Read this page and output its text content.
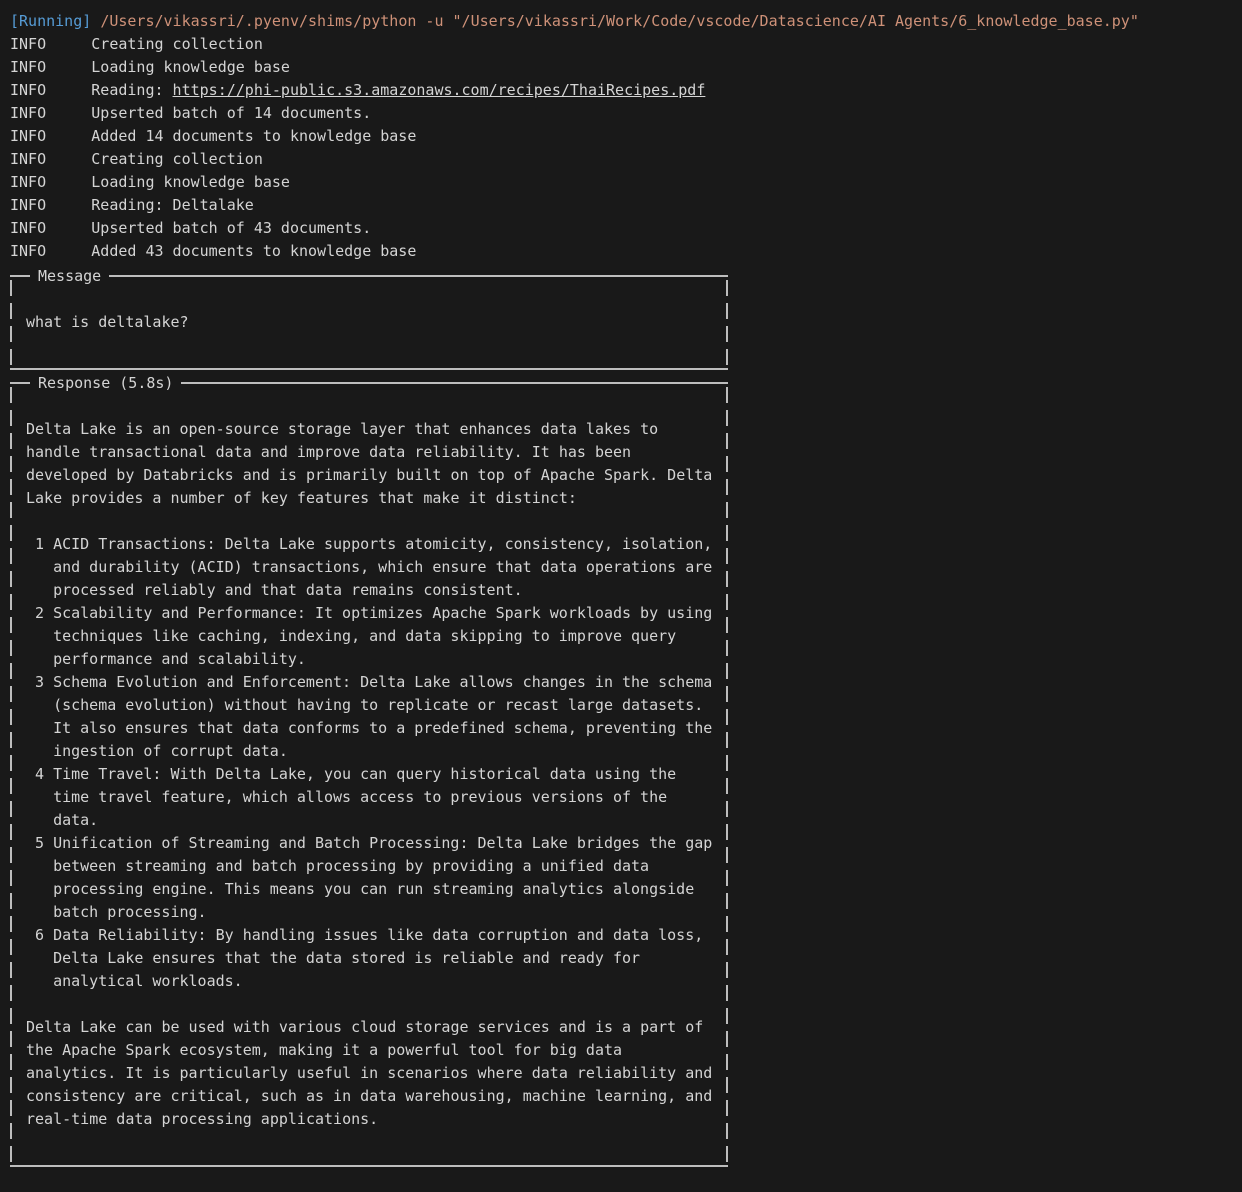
[Running] /Users/vikassri/.pyenv/shims/python -u "/Users/vikassri/Work/Code/vscode/Datascience/AI Agents/6_knowledge_base.py"
INFO	Creating collection
INFO	Loading knowledge base
INFO	Reading: https://phi-public.s3.amazonaws.com/recipes/ThaiRecipes.pdf
INFO	Upserted batch of 14 documents.
INFO	Added 14 documents to knowledge base
INFO	Creating collection
INFO	Loading knowledge base
INFO	Reading: Deltalake
INFO	Upserted batch of 43 documents.
INFO	Added 43 documents to knowledge base
Message
what is deltalake?
Response (5.8s)
Delta Lake is an open-source storage layer that enhances data lakes to handle transactional data and improve data reliability. It has been developed by Databricks and is primarily built on top of Apache Spark. Delta Lake provides a number of key features that make it distinct:
1 ACID Transactions: Delta Lake supports atomicity, consistency, isolation, and durability (ACID) transactions, which ensure that data operations are processed reliably and that data remains consistent.
2 Scalability and Performance: It optimizes Apache Spark workloads by using techniques like caching, indexing, and data skipping to improve query performance and scalability.
3 Schema Evolution and Enforcement: Delta Lake allows changes in the schema (schema evolution) without having to replicate or recast large datasets. It also ensures that data conforms to a predefined schema, preventing the ingestion of corrupt data.
4 Time Travel: With Delta Lake, you can query historical data using the time travel feature, which allows access to previous versions of the data.
5 Unification of Streaming and Batch Processing: Delta Lake bridges the gap between streaming and batch processing by providing a unified data processing engine. This means you can run streaming analytics alongside batch processing.
6 Data Reliability: By handling issues like data corruption and data loss, Delta Lake ensures that the data stored is reliable and ready for analytical workloads.
Delta Lake can be used with various cloud storage services and is a part of the Apache Spark ecosystem, making it a powerful tool for big data analytics. It is particularly useful in scenarios where data reliability and consistency are critical, such as in data warehousing, machine learning, and real-time data processing applications.
